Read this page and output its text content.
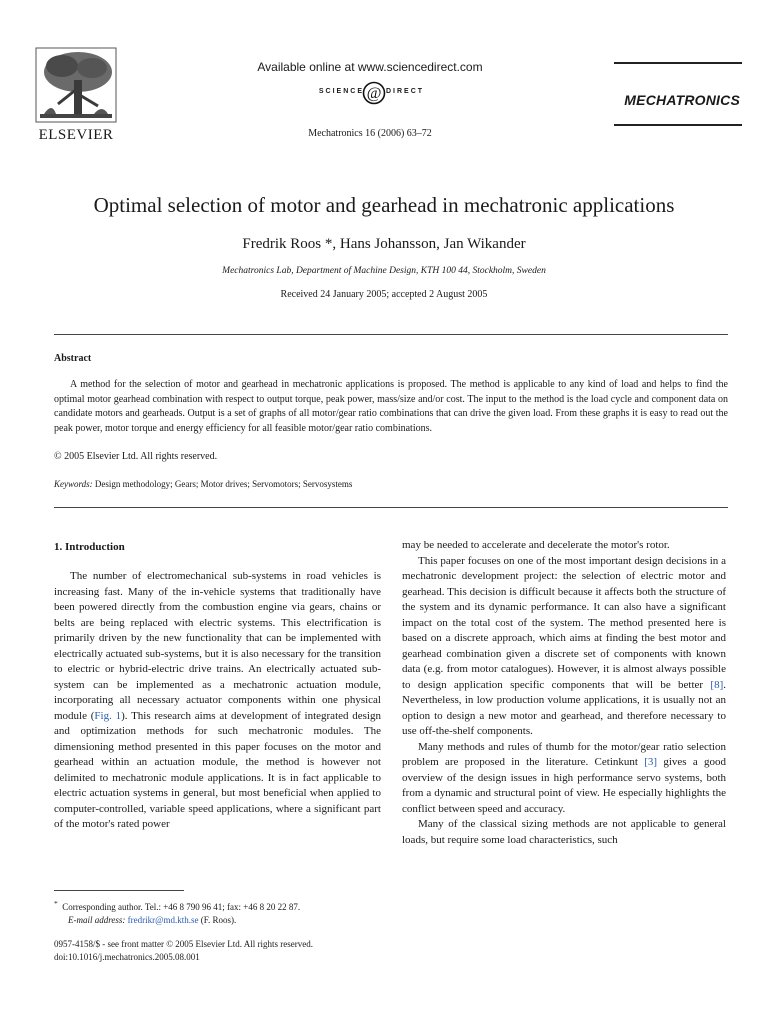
ELSEVIER
Available online at www.sciencedirect.com
SCIENCE @ DIRECT
Mechatronics 16 (2006) 63–72
MECHATRONICS
Optimal selection of motor and gearhead in mechatronic applications
Fredrik Roos *, Hans Johansson, Jan Wikander
Mechatronics Lab, Department of Machine Design, KTH 100 44, Stockholm, Sweden
Received 24 January 2005; accepted 2 August 2005
Abstract

A method for the selection of motor and gearhead in mechatronic applications is proposed. The method is applicable to any kind of load and helps to find the optimal motor gearhead combination with respect to output torque, peak power, mass/size and/or cost. The input to the method is the load cycle and component data on candidate motors and gearheads. Output is a set of graphs of all motor/gear ratio combinations that can drive the given load. From these graphs it is easy to read out the peak power, motor torque and energy efficiency for all feasible motor/gear ratio combinations.

© 2005 Elsevier Ltd. All rights reserved.
Keywords: Design methodology; Gears; Motor drives; Servomotors; Servosystems
1. Introduction

The number of electromechanical sub-systems in road vehicles is increasing fast. Many of the in-vehicle systems that traditionally have been powered directly from the combustion engine via gears, chains or belts are being replaced with electric systems. This electrification is primarily driven by the new functionality that can be implemented with electrically actuated sub-systems, but it is also necessary for the transition to electric or hybrid-electric drive trains. An electrically actuated sub-system can be implemented as a mechatronic actuation module, incorporating all necessary actuator components within one physical module (Fig. 1). This research aims at development of integrated design and optimization methods for such mechatronic modules. The dimensioning method presented in this paper focuses on the motor and gearhead within an actuation module, the method is however not delimited to mechatronic module applications. It is in fact applicable to electric actuation systems in general, but most beneficial when applied to computer-controlled, variable speed applications, where a significant part of the motor's rated power

may be needed to accelerate and decelerate the motor's rotor.

This paper focuses on one of the most important design decisions in a mechatronic development project: the selection of electric motor and gearhead. This decision is difficult because it affects both the structure of the system and its dynamic performance. It can also have a significant impact on the total cost of the system. The method presented here is based on a discrete approach, which aims at finding the best motor and gearhead combination given a discrete set of components with known data (e.g. from motor catalogues). However, it is almost always possible to design application specific components that will be better [8]. Nevertheless, in low production volume applications, it is usually not an option to design a new motor and gearhead, and therefore necessary to use off-the-shelf components.

Many methods and rules of thumb for the motor/gear ratio selection problem are proposed in the literature. Cetinkunt [3] gives a good overview of the design issues in high performance servo systems, both from a dynamic and structural point of view. He especially highlights the conflict between speed and accuracy.

Many of the classical sizing methods are not applicable to general loads, but require some load characteristics, such

* Corresponding author. Tel.: +46 8 790 96 41; fax: +46 8 20 22 87.
E-mail address: fredrikr@md.kth.se (F. Roos).
0957-4158/$ - see front matter © 2005 Elsevier Ltd. All rights reserved.
doi:10.1016/j.mechatronics.2005.08.001
